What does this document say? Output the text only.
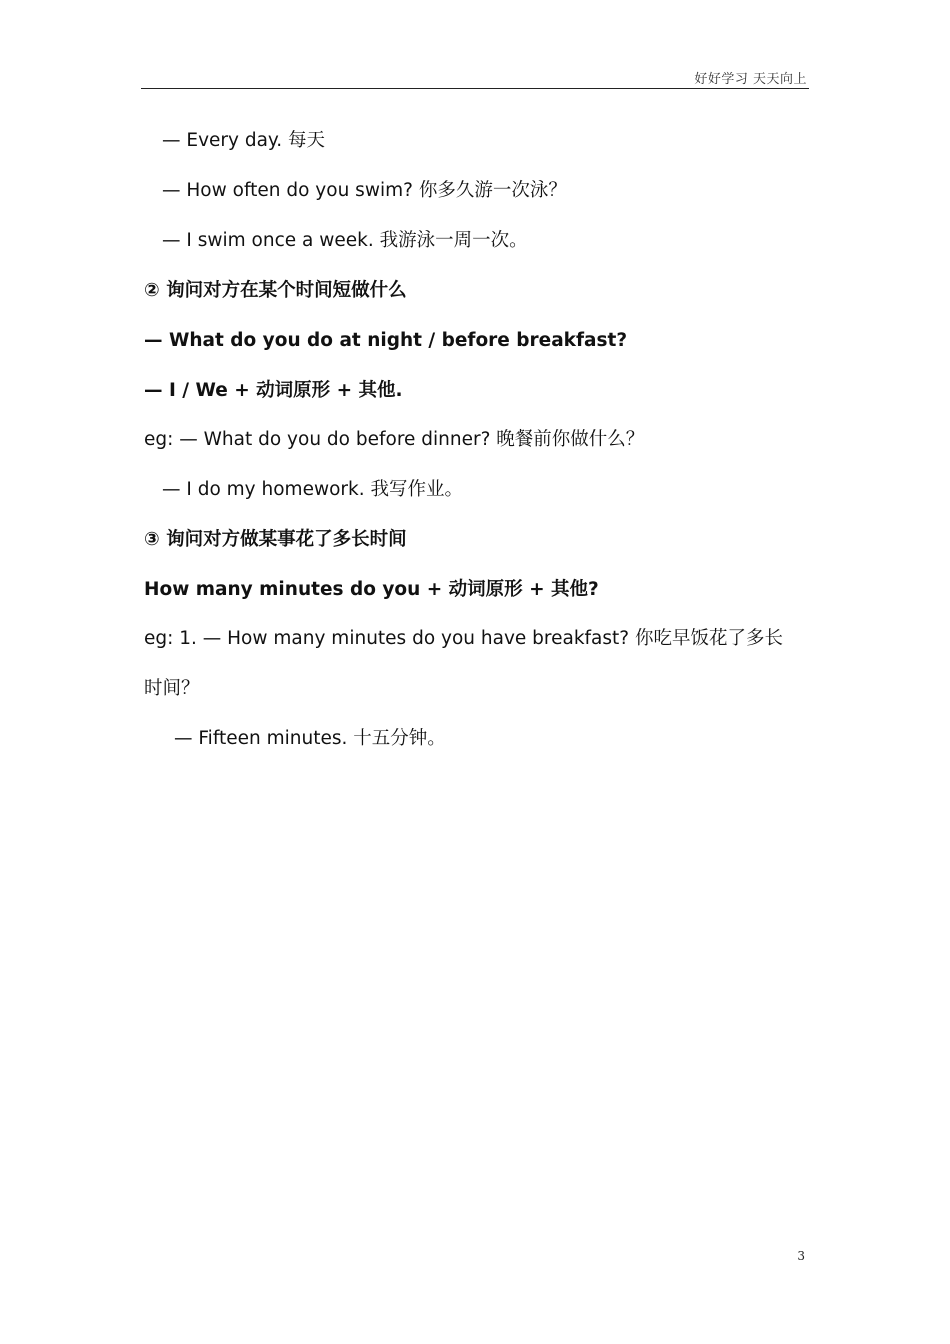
好好学习 天天向上
— Every day. 每天
— How often do you swim? 你多久游一次泳？
— I swim once a week. 我游泳一周一次。
② 询问对方在某个时间短做什么
— What do you do at night / before breakfast?
— I / We + 动词原形 + 其他.
eg: — What do you do before dinner? 晚餐前你做什么？
— I do my homework. 我写作业。
③ 询问对方做某事花了多长时间
How many minutes do you + 动词原形 + 其他?
eg: 1. — How many minutes do you have breakfast? 你吃早饭花了多长
时间？
— Fifteen minutes. 十五分钟。
3
